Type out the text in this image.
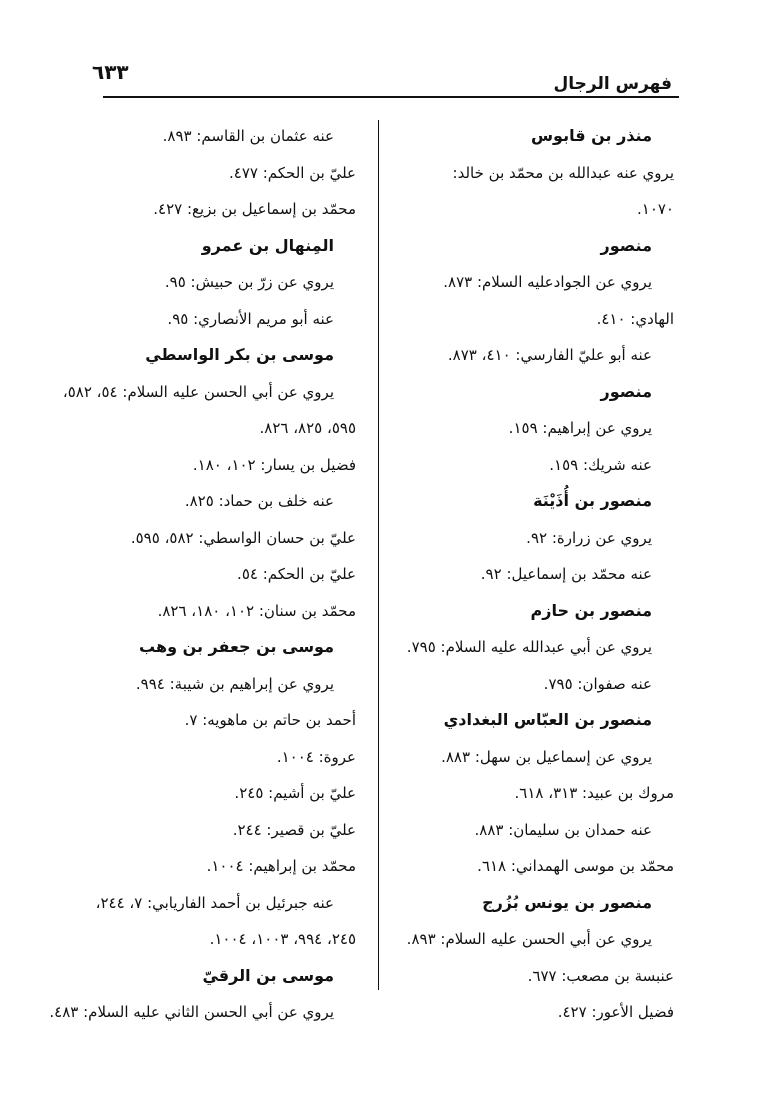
٦٣٣	فهرس الرجال
منذر بن قابوس
يروي عنه عبدالله بن محمّد بن خالد:
١٠٧٠.
منصور
يروي عن الجوادعليه السلام: ٨٧٣.
الهادي: ٤١٠.
عنه أبو عليّ الفارسي: ٤١٠، ٨٧٣.
منصور
يروي عن إبراهيم: ١٥٩.
عنه شريك: ١٥٩.
منصور بن أُذَيْنَة
يروي عن زرارة: ٩٢.
عنه محمّد بن إسماعيل: ٩٢.
منصور بن حازم
يروي عن أبي عبدالله عليه السلام: ٧٩٥.
عنه صفوان: ٧٩٥.
منصور بن العبّاس البغدادي
يروي عن إسماعيل بن سهل: ٨٨٣.
مروك بن عبيد: ٣١٣، ٦١٨.
عنه حمدان بن سليمان: ٨٨٣.
محمّد بن موسى الهمداني: ٦١٨.
منصور بن يونس بُزُرج
يروي عن أبي الحسن عليه السلام: ٨٩٣.
عنبسة بن مصعب: ٦٧٧.
فضيل الأعور: ٤٢٧.
عنه عثمان بن القاسم: ٨٩٣.
عليّ بن الحكم: ٤٧٧.
محمّد بن إسماعيل بن بزيع: ٤٢٧.
المِنهال بن عمرو
يروي عن زرّ بن حبيش: ٩٥.
عنه أبو مريم الأنصاري: ٩٥.
موسى بن بكر الواسطي
يروي عن أبي الحسن عليه السلام: ٥٤، ٥٨٢،
٥٩٥، ٨٢٥، ٨٢٦.
فضيل بن يسار: ١٠٢، ١٨٠.
عنه خلف بن حماد: ٨٢٥.
عليّ بن حسان الواسطي: ٥٨٢، ٥٩٥.
عليّ بن الحكم: ٥٤.
محمّد بن سنان: ١٠٢، ١٨٠، ٨٢٦.
موسى بن جعفر بن وهب
يروي عن إبراهيم بن شيبة: ٩٩٤.
أحمد بن حاتم بن ماهويه: ٧.
عروة: ١٠٠٤.
عليّ بن أشيم: ٢٤٥.
عليّ بن قصير: ٢٤٤.
محمّد بن إبراهيم: ١٠٠٤.
عنه جبرئيل بن أحمد الفاريابي: ٧، ٢٤٤،
٢٤٥، ٩٩٤، ١٠٠٣، ١٠٠٤.
موسى بن الرقيّ
يروي عن أبي الحسن الثاني عليه السلام: ٤٨٣.
